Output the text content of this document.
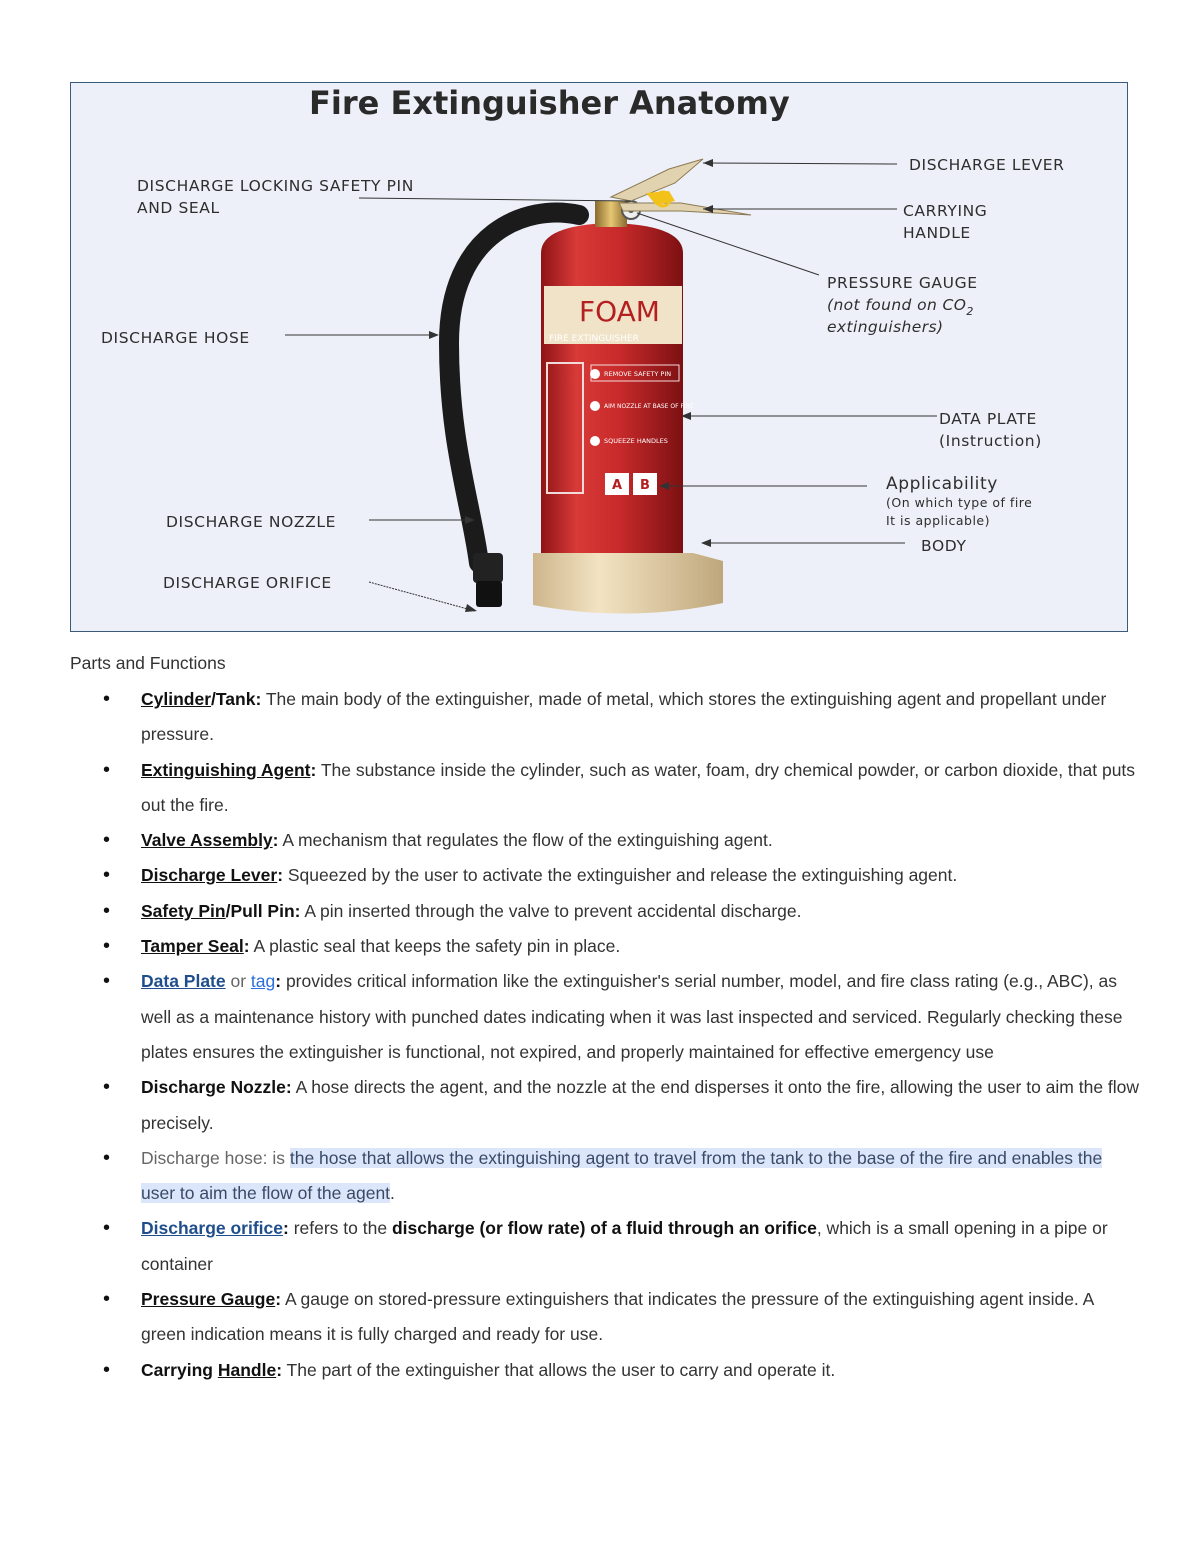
Fire Extinguisher Anatomy
FOAM
FIRE EXTINGUISHER
REMOVE SAFETY PIN
AIM NOZZLE AT BASE OF FIRE
SQUEEZE HANDLES
A B
DISCHARGE LEVER
DISCHARGE LOCKING SAFETY PIN
AND SEAL	CARRYING
HANDLE
PRESSURE GAUGE
(not found on $CO_2$
extinguishers)
DISCHARGE HOSE
DATA PLATE
(Instruction)
Applicability
(On which type of fire
It is applicable)
DISCHARGE NOZZLE
BODY
DISCHARGE ORIFICE
Parts and Functions
• Cylinder/Tank: The main body of the extinguisher, made of metal, which stores the extinguishing agent and propellant under pressure.
• Extinguishing Agent: The substance inside the cylinder, such as water, foam, dry chemical powder, or carbon dioxide, that puts out the fire.
• Valve Assembly: A mechanism that regulates the flow of the extinguishing agent.
• Discharge Lever: Squeezed by the user to activate the extinguisher and release the extinguishing agent.
• Safety Pin/Pull Pin: A pin inserted through the valve to prevent accidental discharge.
• Tamper Seal: A plastic seal that keeps the safety pin in place.
• Data Plate or tag: provides critical information like the extinguisher's serial number, model, and fire class rating (e.g., ABC), as well as a maintenance history with punched dates indicating when it was last inspected and serviced. Regularly checking these plates ensures the extinguisher is functional, not expired, and properly maintained for effective emergency use
• Discharge Nozzle: A hose directs the agent, and the nozzle at the end disperses it onto the fire, allowing the user to aim the flow precisely.
• Discharge hose: is the hose that allows the extinguishing agent to travel from the tank to the base of the fire and enables the user to aim the flow of the agent.
• Discharge orifice: refers to the discharge (or flow rate) of a fluid through an orifice, which is a small opening in a pipe or container
• Pressure Gauge: A gauge on stored-pressure extinguishers that indicates the pressure of the extinguishing agent inside. A green indication means it is fully charged and ready for use.
• Carrying Handle: The part of the extinguisher that allows the user to carry and operate it.
